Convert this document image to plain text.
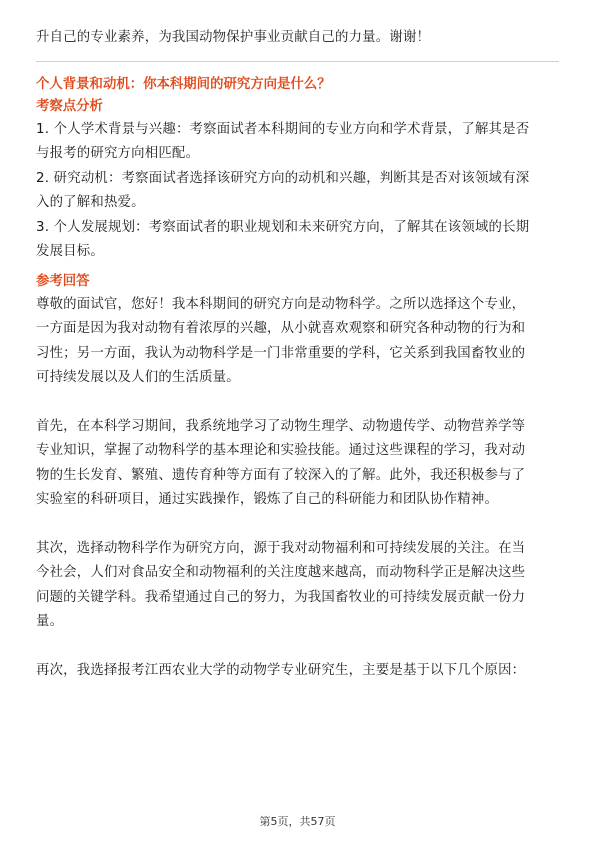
升自己的专业素养，为我国动物保护事业贡献自己的力量。谢谢！
个人背景和动机：你本科期间的研究方向是什么？
考察点分析
1. 个人学术背景与兴趣：考察面试者本科期间的专业方向和学术背景，了解其是否
与报考的研究方向相匹配。
2. 研究动机：考察面试者选择该研究方向的动机和兴趣，判断其是否对该领域有深
入的了解和热爱。
3. 个人发展规划：考察面试者的职业规划和未来研究方向，了解其在该领域的长期
发展目标。
参考回答
尊敬的面试官，您好！我本科期间的研究方向是动物科学。之所以选择这个专业，
一方面是因为我对动物有着浓厚的兴趣，从小就喜欢观察和研究各种动物的行为和
习性；另一方面，我认为动物科学是一门非常重要的学科，它关系到我国畜牧业的
可持续发展以及人们的生活质量。
首先，在本科学习期间，我系统地学习了动物生理学、动物遗传学、动物营养学等
专业知识，掌握了动物科学的基本理论和实验技能。通过这些课程的学习，我对动
物的生长发育、繁殖、遗传育种等方面有了较深入的了解。此外，我还积极参与了
实验室的科研项目，通过实践操作，锻炼了自己的科研能力和团队协作精神。
其次，选择动物科学作为研究方向，源于我对动物福利和可持续发展的关注。在当
今社会，人们对食品安全和动物福利的关注度越来越高，而动物科学正是解决这些
问题的关键学科。我希望通过自己的努力，为我国畜牧业的可持续发展贡献一份力
量。
再次，我选择报考江西农业大学的动物学专业研究生，主要是基于以下几个原因：
第5页，共57页
